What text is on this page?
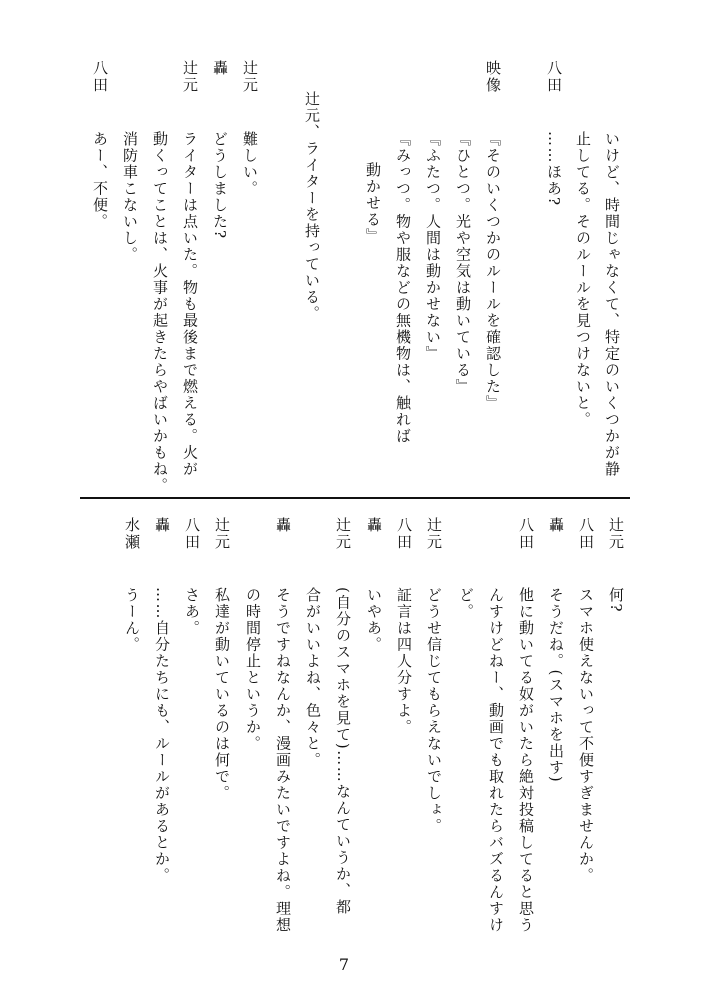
いけど、時間じゃなくて、特定のいくつかが静
止してる。そのルールを見つけないと。
八田
……ほあ?
映像
『そのいくつかのルールを確認した』
『ひとつ。光や空気は動いている』
『ふたつ。人間は動かせない』
『みっつ。物や服などの無機物は、触れば
動かせる』
辻元、ライターを持っている。
辻元
難しい。
轟
どうしました?
辻元
ライターは点いた。物も最後まで燃える。火が
動くってことは、火事が起きたらやばいかもね。
消防車こないし。
八田
あー、不便。
辻元
何?
八田
スマホ使えないって不便すぎませんか。
轟
そうだね。(スマホを出す)
八田
他に動いてる奴がいたら絶対投稿してると思う
んすけどねー、動画でも取れたらバズるんすけ
ど。
辻元
どうせ信じてもらえないでしょ。
八田
証言は四人分すよ。
轟
いやあ。
辻元
(自分のスマホを見て)……なんていうか、都
合がいいよね、色々と。
轟
そうですねなんか、漫画みたいですよね。理想
の時間停止というか。
辻元
私達が動いているのは何で。
八田
さあ。
轟
……自分たちにも、ルールがあるとか。
水瀬
うーん。
7
